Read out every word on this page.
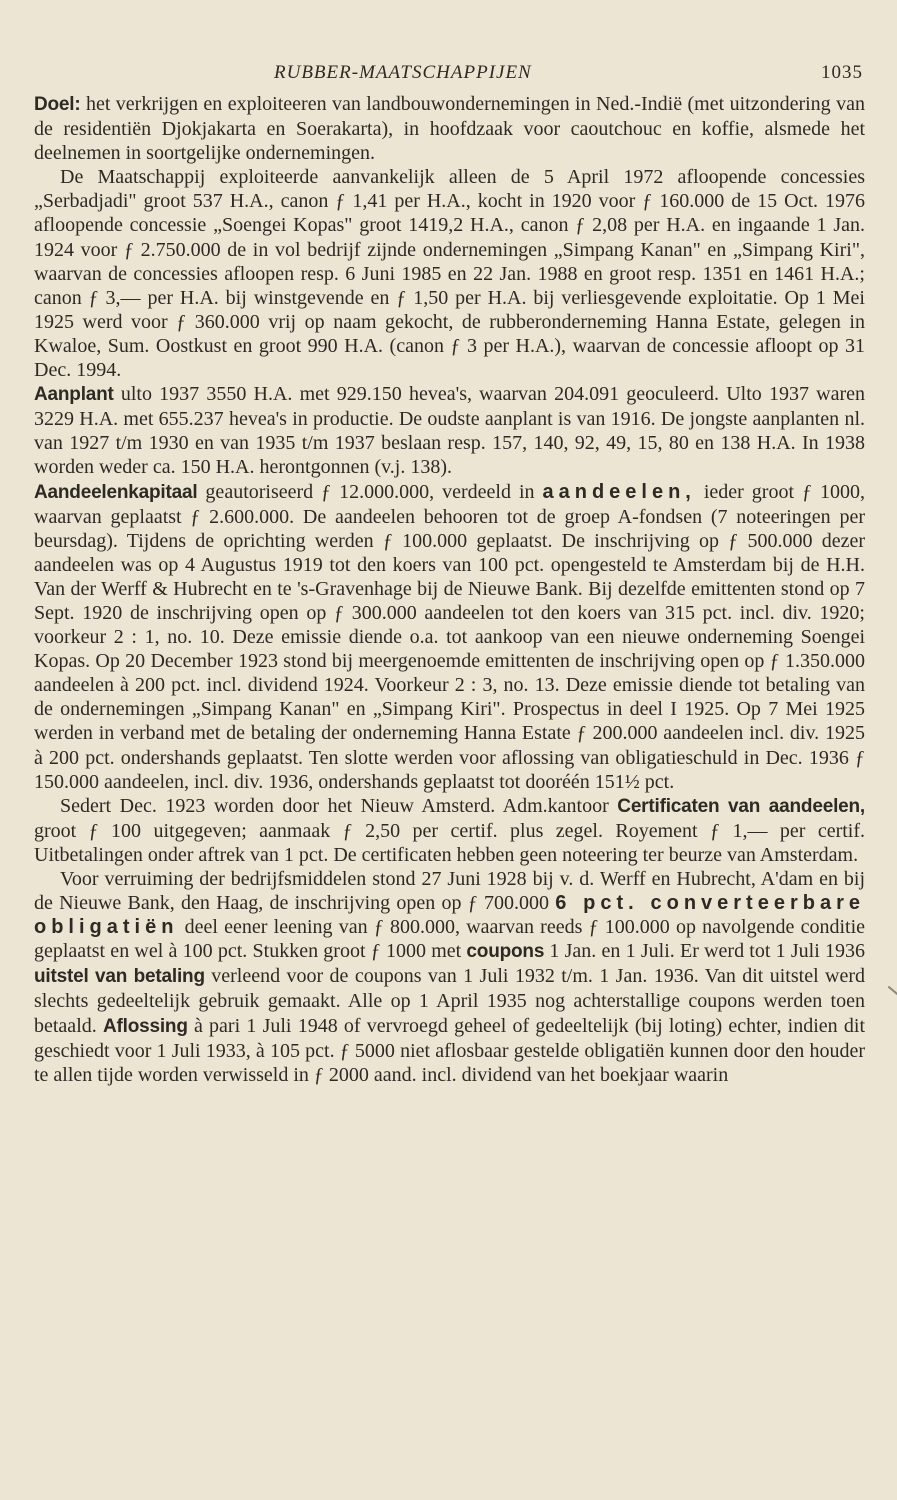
RUBBER-MAATSCHAPPIJEN	1035

Doel: het verkrijgen en exploiteeren van landbouwondernemingen in Ned.-Indië (met uitzondering van de residentiën Djokjakarta en Soerakarta), in hoofdzaak voor caoutchouc en koffie, alsmede het deelnemen in soortgelijke ondernemingen.

De Maatschappij exploiteerde aanvankelijk alleen de 5 April 1972 afloopende concessies „Serbadjadi" groot 537 H.A., canon ƒ 1,41 per H.A., kocht in 1920 voor ƒ 160.000 de 15 Oct. 1976 afloopende concessie „Soengei Kopas" groot 1419,2 H.A., canon ƒ 2,08 per H.A. en ingaande 1 Jan. 1924 voor ƒ 2.750.000 de in vol bedrijf zijnde ondernemingen „Simpang Kanan" en „Simpang Kiri", waarvan de concessies afloopen resp. 6 Juni 1985 en 22 Jan. 1988 en groot resp. 1351 en 1461 H.A.; canon ƒ 3,— per H.A. bij winstgevende en ƒ 1,50 per H.A. bij verliesgevende exploitatie. Op 1 Mei 1925 werd voor ƒ 360.000 vrij op naam gekocht, de rubberonderneming Hanna Estate, gelegen in Kwaloe, Sum. Oostkust en groot 990 H.A. (canon ƒ 3 per H.A.), waarvan de concessie afloopt op 31 Dec. 1994.

Aanplant ulto 1937 3550 H.A. met 929.150 hevea's, waarvan 204.091 geoculeerd. Ulto 1937 waren 3229 H.A. met 655.237 hevea's in productie. De oudste aanplant is van 1916. De jongste aanplanten nl. van 1927 t/m 1930 en van 1935 t/m 1937 beslaan resp. 157, 140, 92, 49, 15, 80 en 138 H.A. In 1938 worden weder ca. 150 H.A. herontgonnen (v.j. 138).

Aandeelenkapitaal geautoriseerd ƒ 12.000.000, verdeeld in aandeelen, ieder groot ƒ 1000, waarvan geplaatst ƒ 2.600.000. De aandeelen behooren tot de groep A-fondsen (7 noteeringen per beursdag). Tijdens de oprichting werden ƒ 100.000 geplaatst. De inschrijving op ƒ 500.000 dezer aandeelen was op 4 Augustus 1919 tot den koers van 100 pct. opengesteld te Amsterdam bij de H.H. Van der Werff & Hubrecht en te 's-Gravenhage bij de Nieuwe Bank. Bij dezelfde emittenten stond op 7 Sept. 1920 de inschrijving open op ƒ 300.000 aandeelen tot den koers van 315 pct. incl. div. 1920; voorkeur 2 : 1, no. 10. Deze emissie diende o.a. tot aankoop van een nieuwe onderneming Soengei Kopas. Op 20 December 1923 stond bij meergenoemde emittenten de inschrijving open op ƒ 1.350.000 aandeelen à 200 pct. incl. dividend 1924. Voorkeur 2 : 3, no. 13. Deze emissie diende tot betaling van de ondernemingen „Simpang Kanan" en „Simpang Kiri". Prospectus in deel I 1925. Op 7 Mei 1925 werden in verband met de betaling der onderneming Hanna Estate ƒ 200.000 aandeelen incl. div. 1925 à 200 pct. ondershands geplaatst. Ten slotte werden voor aflossing van obligatieschuld in Dec. 1936 ƒ 150.000 aandeelen, incl. div. 1936, ondershands geplaatst tot dooréén 151½ pct.

Sedert Dec. 1923 worden door het Nieuw Amsterd. Adm.kantoor Certificaten van aandeelen, groot ƒ 100 uitgegeven; aanmaak ƒ 2,50 per certif. plus zegel. Royement ƒ 1,— per certif. Uitbetalingen onder aftrek van 1 pct. De certificaten hebben geen noteering ter beurze van Amsterdam.

Voor verruiming der bedrijfsmiddelen stond 27 Juni 1928 bij v. d. Werff en Hubrecht, A'dam en bij de Nieuwe Bank, den Haag, de inschrijving open op ƒ 700.000 6 pct. converteerbare obligatiën deel eener leening van ƒ 800.000, waarvan reeds ƒ 100.000 op navolgende conditie geplaatst en wel à 100 pct. Stukken groot ƒ 1000 met coupons 1 Jan. en 1 Juli. Er werd tot 1 Juli 1936 uitstel van betaling verleend voor de coupons van 1 Juli 1932 t/m. 1 Jan. 1936. Van dit uitstel werd slechts gedeeltelijk gebruik gemaakt. Alle op 1 April 1935 nog achterstallige coupons werden toen betaald. Aflossing à pari 1 Juli 1948 of vervroegd geheel of gedeeltelijk (bij loting) echter, indien dit geschiedt voor 1 Juli 1933, à 105 pct. ƒ 5000 niet aflosbaar gestelde obligatiën kunnen door den houder te allen tijde worden verwisseld in ƒ 2000 aand. incl. dividend van het boekjaar waarin
